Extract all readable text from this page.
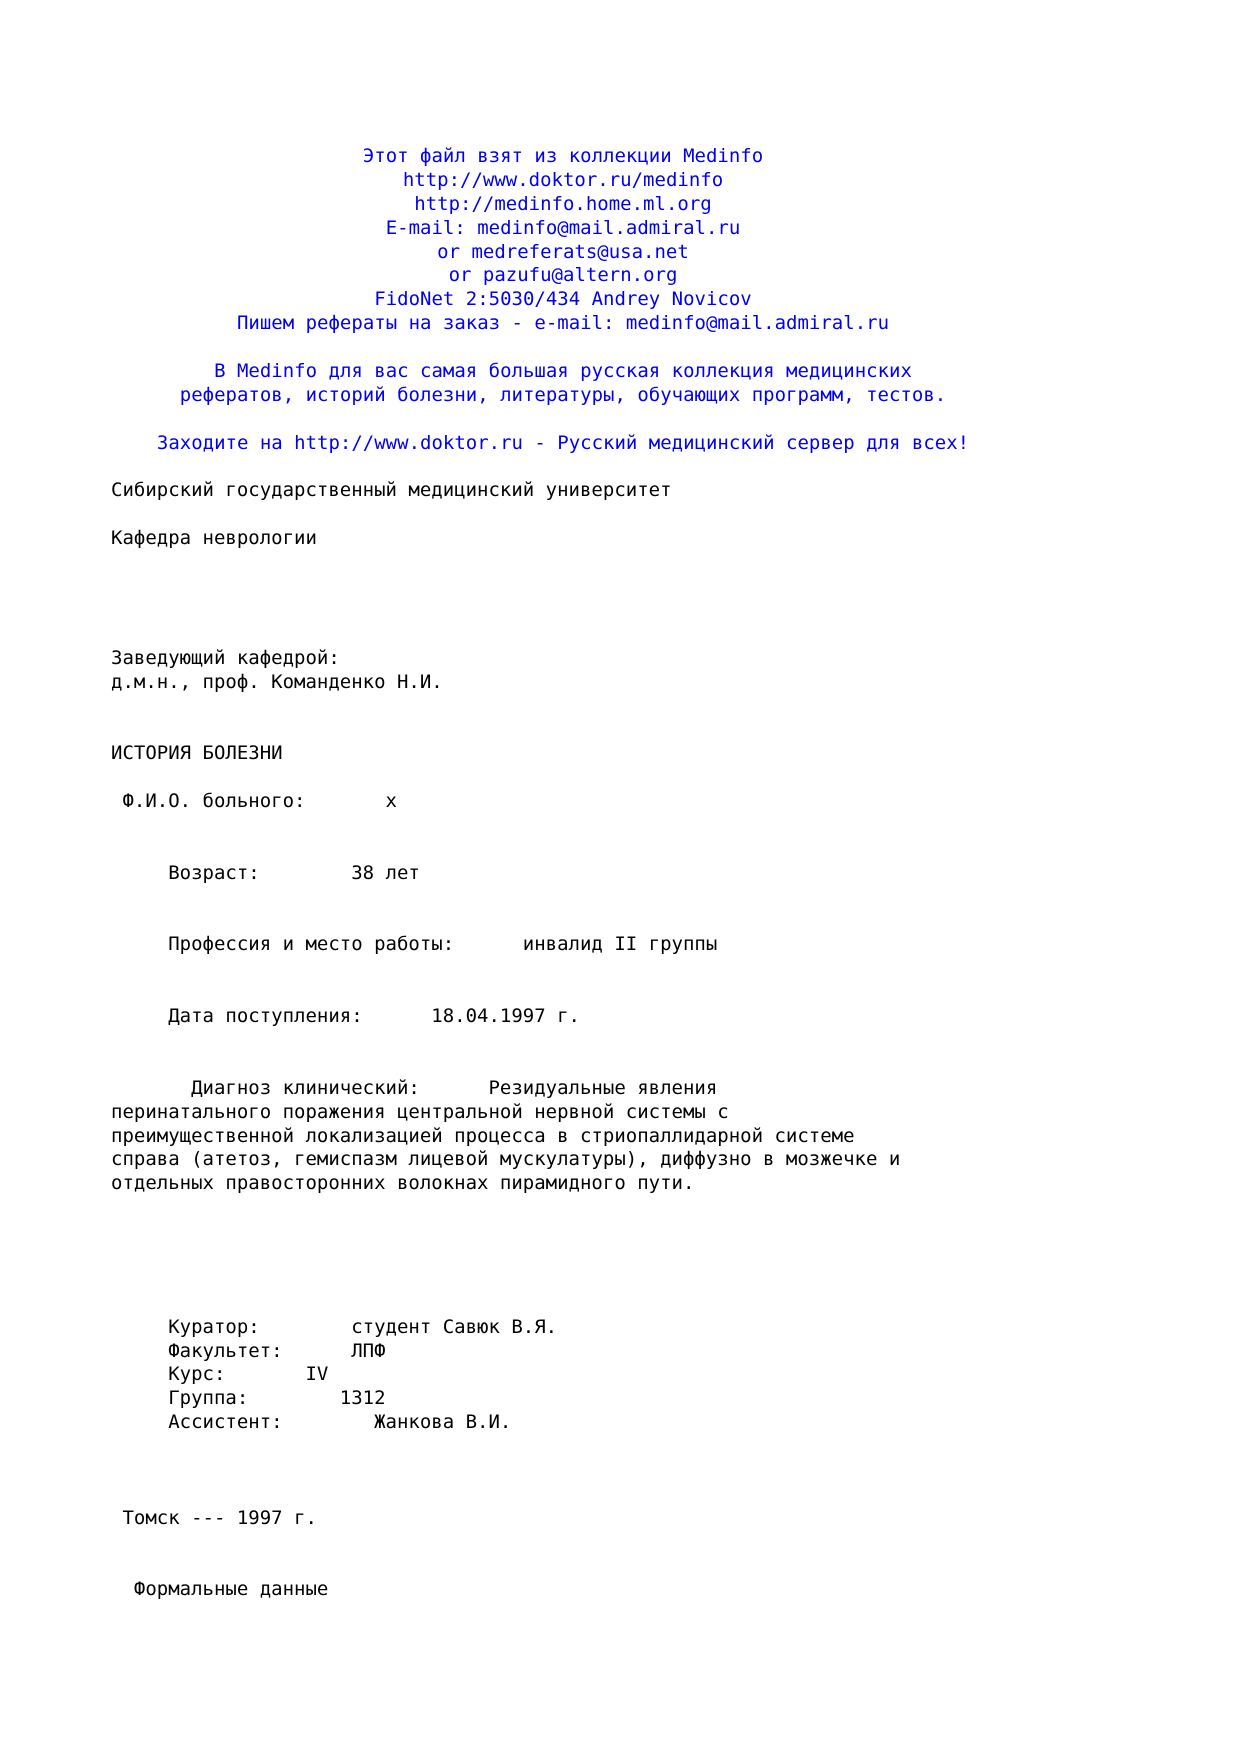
Этот файл взят из коллекции Medinfo
http://www.doktor.ru/medinfo
http://medinfo.home.ml.org
E-mail: medinfo@mail.admiral.ru
or medreferats@usa.net
or pazufu@altern.org
FidoNet 2:5030/434 Andrey Novicov
Пишем рефераты на заказ - e-mail: medinfo@mail.admiral.ru
В Medinfo для вас самая большая русская коллекция медицинских
рефератов, историй болезни, литературы, обучающих программ, тестов.
Заходите на http://www.doktor.ru - Русский медицинский сервер для всех!
Сибирский государственный медицинский университет
Кафедра неврологии
Заведующий кафедрой:
д.м.н., проф. Команденко Н.И.
ИСТОРИЯ БОЛЕЗНИ
Ф.И.О. больного:       х
Возраст:        38 лет
Профессия и место работы:      инвалид II группы
Дата поступления:      18.04.1997 г.
Диагноз клинический:      Резидуальные явления
перинатального поражения центральной нервной системы с
преимущественной локализацией процесса в стриопаллидарной системе
справа (атетоз, гемиспазм лицевой мускулатуры), диффузно в мозжечке и
отдельных правосторонних волокнах пирамидного пути.
Куратор:        студент Савюк В.Я.
Факультет:      ЛПФ
Курс:       IV
Группа:        1312
Ассистент:        Жанкова В.И.
Томск --- 1997 г.
Формальные данные
